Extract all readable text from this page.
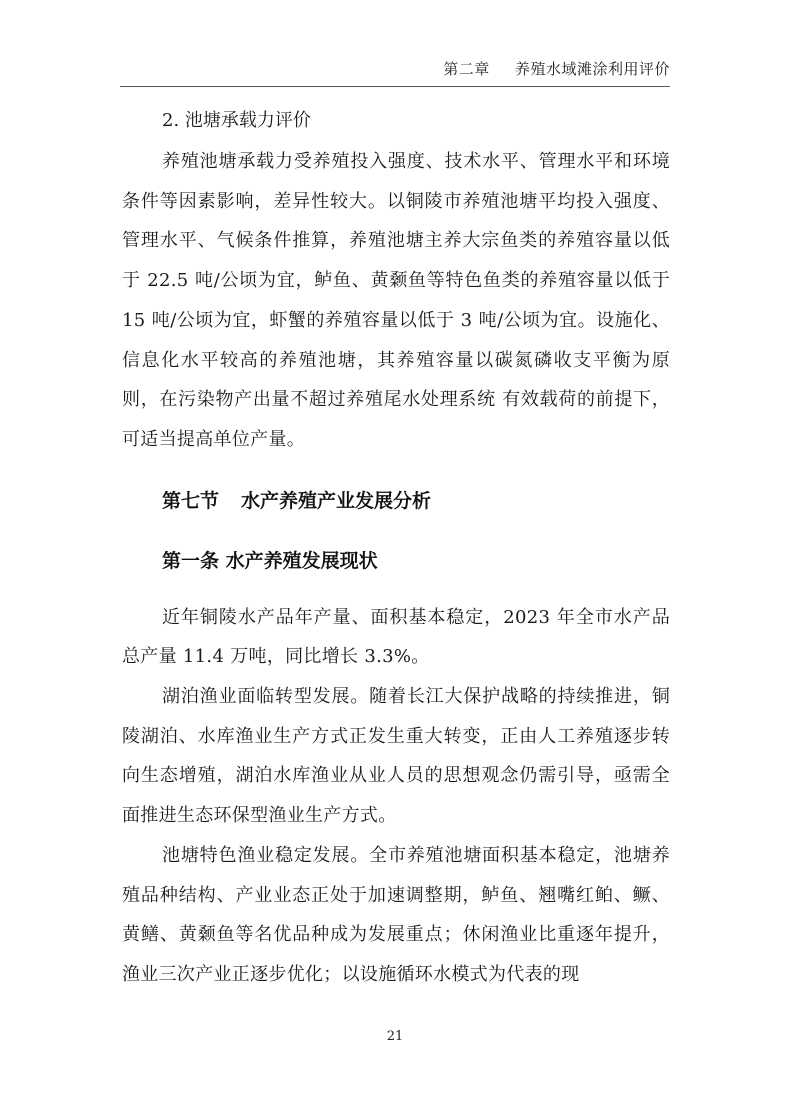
第二章 养殖水域滩涂利用评价
2. 池塘承载力评价

养殖池塘承载力受养殖投入强度、技术水平、管理水平和环境条件等因素影响，差异性较大。以铜陵市养殖池塘平均投入强度、管理水平、气候条件推算，养殖池塘主养大宗鱼类的养殖容量以低于 22.5 吨/公顷为宜，鲈鱼、黄颡鱼等特色鱼类的养殖容量以低于 15 吨/公顷为宜，虾蟹的养殖容量以低于 3 吨/公顷为宜。设施化、信息化水平较高的养殖池塘，其养殖容量以碳氮磷收支平衡为原则，在污染物产出量不超过养殖尾水处理系统 有效载荷的前提下，可适当提高单位产量。

第七节 水产养殖产业发展分析
第一条 水产养殖发展现状

近年铜陵水产品年产量、面积基本稳定，2023 年全市水产品总产量 11.4 万吨，同比增长 3.3%。

湖泊渔业面临转型发展。随着长江大保护战略的持续推进，铜陵湖泊、水库渔业生产方式正发生重大转变，正由人工养殖逐步转向生态增殖，湖泊水库渔业从业人员的思想观念仍需引导，亟需全面推进生态环保型渔业生产方式。

池塘特色渔业稳定发展。全市养殖池塘面积基本稳定，池塘养殖品种结构、产业业态正处于加速调整期，鲈鱼、翘嘴红鲌、鳜、黄鳝、黄颡鱼等名优品种成为发展重点；休闲渔业比重逐年提升，渔业三次产业正逐步优化；以设施循环水模式为代表的现

21
